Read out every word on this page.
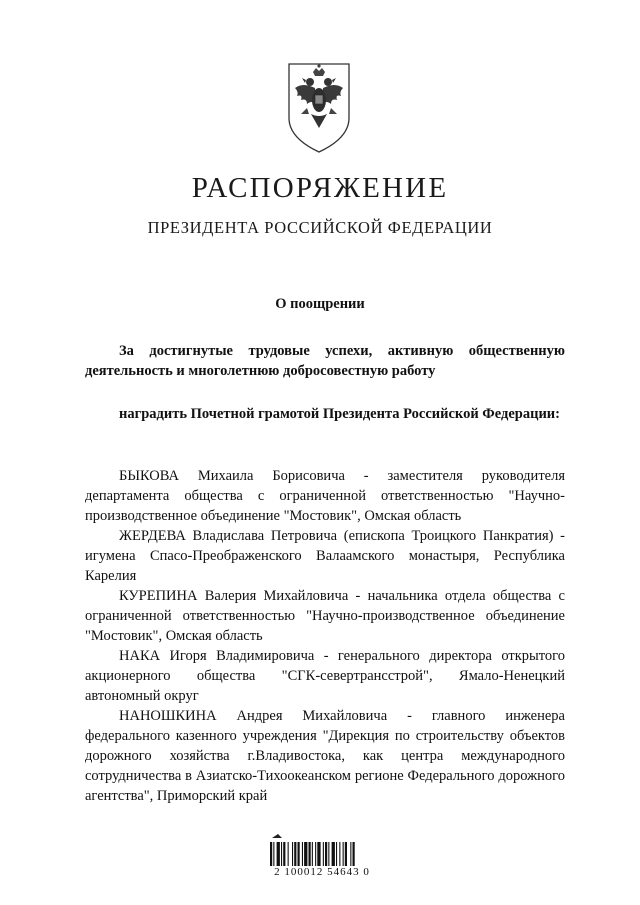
РАСПОРЯЖЕНИЕ
ПРЕЗИДЕНТА РОССИЙСКОЙ ФЕДЕРАЦИИ
О поощрении
За достигнутые трудовые успехи, активную общественную деятельность и многолетнюю добросовестную работу
наградить Почетной грамотой Президента Российской Федерации:
БЫКОВА Михаила Борисовича - заместителя руководителя департамента общества с ограниченной ответственностью "Научно-производственное объединение "Мостовик", Омская область
ЖЕРДЕВА Владислава Петровича (епископа Троицкого Панкратия) - игумена Спасо-Преображенского Валаамского монастыря, Республика Карелия
КУРЕПИНА Валерия Михайловича - начальника отдела общества с ограниченной ответственностью "Научно-производственное объединение "Мостовик", Омская область
НАКА Игоря Владимировича - генерального директора открытого акционерного общества "СГК-севертрансстрой", Ямало-Ненецкий автономный округ
НАНОШКИНА Андрея Михайловича - главного инженера федерального казенного учреждения "Дирекция по строительству объектов дорожного хозяйства г.Владивостока, как центра международного сотрудничества в Азиатско-Тихоокеанском регионе Федерального дорожного агентства", Приморский край
2 100012 54643 0
